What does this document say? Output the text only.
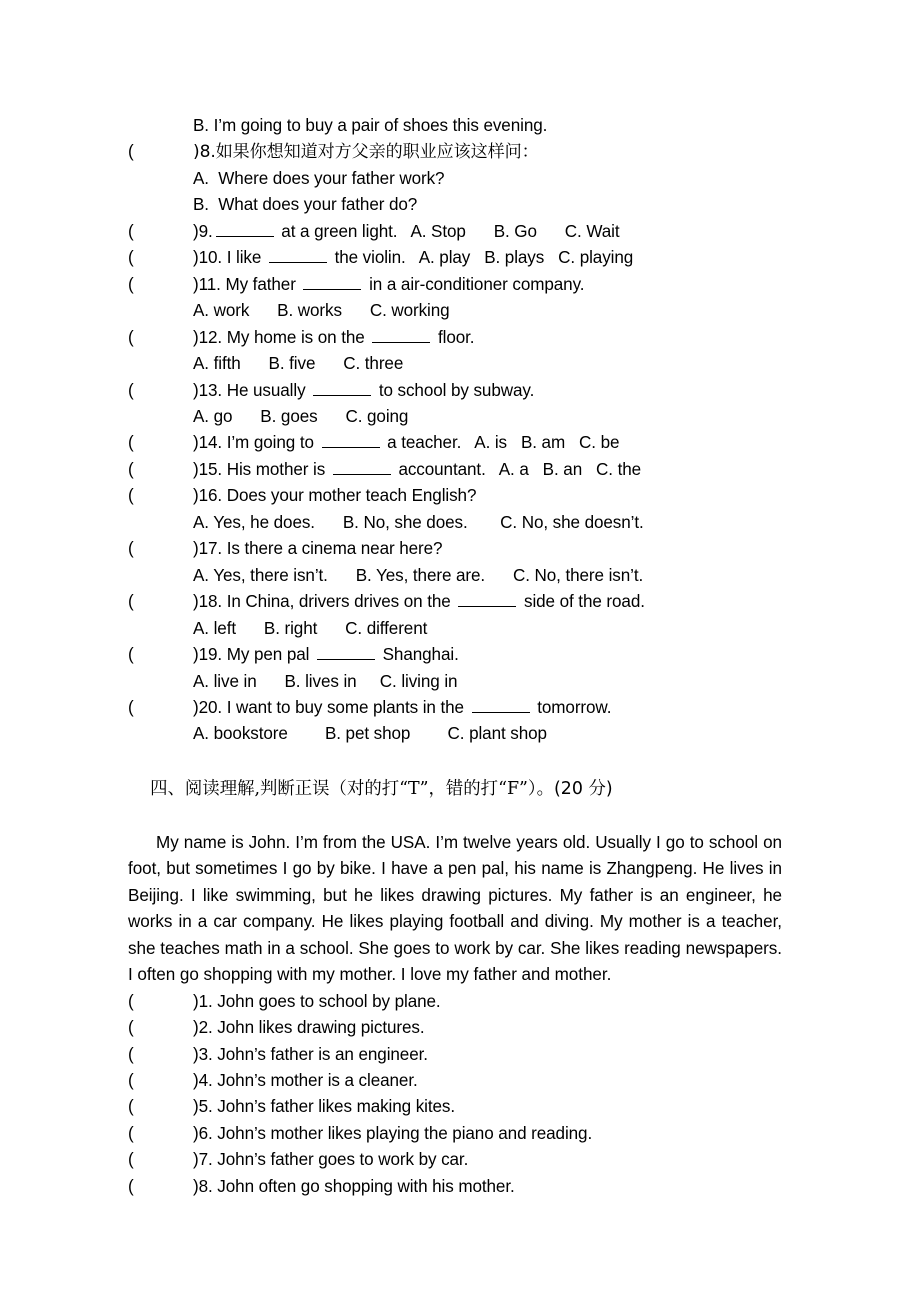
B. I’m going to buy a pair of shoes this evening.
(	)8.如果你想知道对方父亲的职业应该这样问：
A.  Where does your father work?
B.  What does your father do?
(	)9.	at a green light.   A. Stop      B. Go      C. Wait
(	)10. I like	the violin.   A. play   B. plays   C. playing
(	)11. My father	in a air-conditioner company.
A. work      B. works      C. working
(	)12. My home is on the	floor.
A. fifth      B. five      C. three
(	)13. He usually	to school by subway.
A. go      B. goes      C. going
(	)14. I’m going to	a teacher.   A. is   B. am   C. be
(	)15. His mother is	accountant.   A. a   B. an   C. the
(	)16. Does your mother teach English?
A. Yes, he does.      B. No, she does.       C. No, she doesn’t.
(	)17. Is there a cinema near here?
A. Yes, there isn’t.      B. Yes, there are.      C. No, there isn’t.
(	)18. In China, drivers drives on the	side of the road.
A. left      B. right      C. different
(	)19. My pen pal	Shanghai.
A. live in      B. lives in     C. living in
(	)20. I want to buy some plants in the	tomorrow.
A. bookstore        B. pet shop        C. plant shop

四、阅读理解,判断正误（对的打“T”，错的打“F”）。(20 分)

My name is John. I’m from the USA. I’m twelve years old. Usually I go to school on foot, but sometimes I go by bike. I have a pen pal, his name is Zhangpeng. He lives in Beijing. I like swimming, but he likes drawing pictures. My father is an engineer, he works in a car company. He likes playing football and diving. My mother is a teacher, she teaches math in a school. She goes to work by car. She likes reading newspapers. I often go shopping with my mother. I love my father and mother.
(	)1. John goes to school by plane.
(	)2. John likes drawing pictures.
(	)3. John’s father is an engineer.
(	)4. John’s mother is a cleaner.
(	)5. John’s father likes making kites.
(	)6. John’s mother likes playing the piano and reading.
(	)7. John’s father goes to work by car.
(	)8. John often go shopping with his mother.
